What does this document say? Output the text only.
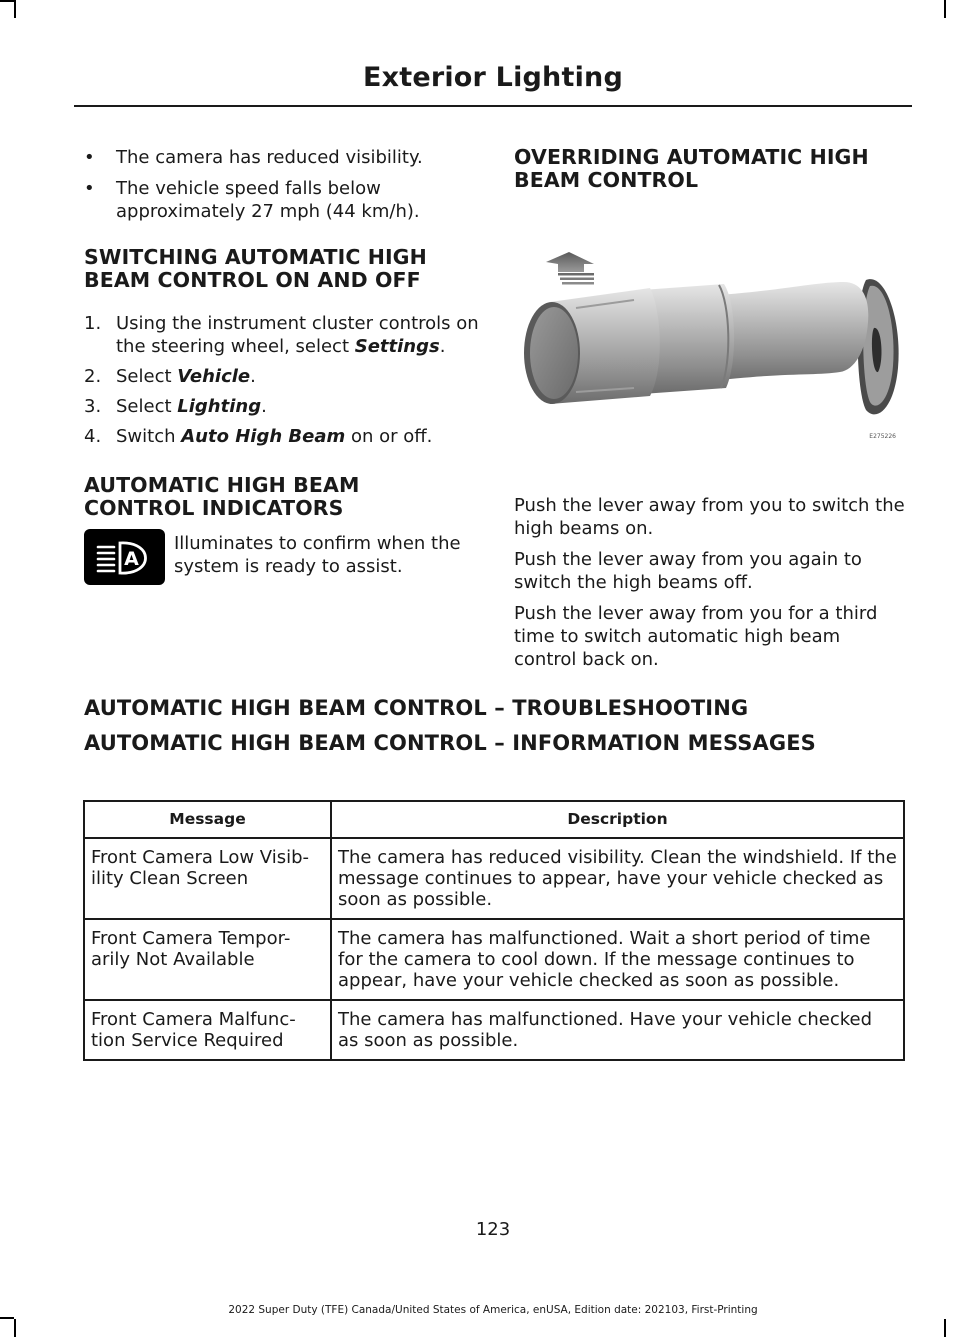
Exterior Lighting
• The camera has reduced visibility.
• The vehicle speed falls below approximately 27 mph (44 km/h).
SWITCHING AUTOMATIC HIGH
BEAM CONTROL ON AND OFF
1. Using the instrument cluster controls on the steering wheel, select Settings.
2. Select Vehicle.
3. Select Lighting.
4. Switch Auto High Beam on or off.
AUTOMATIC HIGH BEAM
CONTROL INDICATORS
A

Illuminates to confirm when the system is ready to assist.

OVERRIDING AUTOMATIC HIGH
BEAM CONTROL
E275226

Push the lever away from you to switch the high beams on.

Push the lever away from you again to switch the high beams off.

Push the lever away from you for a third time to switch automatic high beam control back on.

AUTOMATIC HIGH BEAM CONTROL – TROUBLESHOOTING
AUTOMATIC HIGH BEAM CONTROL – INFORMATION MESSAGES
Message	Description
Front Camera Low Visib-ility Clean Screen	The camera has reduced visibility. Clean the windshield. If the message continues to appear, have your vehicle checked as soon as possible.
Front Camera Tempor-arily Not Available	The camera has malfunctioned. Wait a short period of time for the camera to cool down. If the message continues to appear, have your vehicle checked as soon as possible.
Front Camera Malfunc-tion Service Required	The camera has malfunctioned. Have your vehicle checked as soon as possible.
123
2022 Super Duty (TFE) Canada/United States of America, enUSA, Edition date: 202103, First-Printing
